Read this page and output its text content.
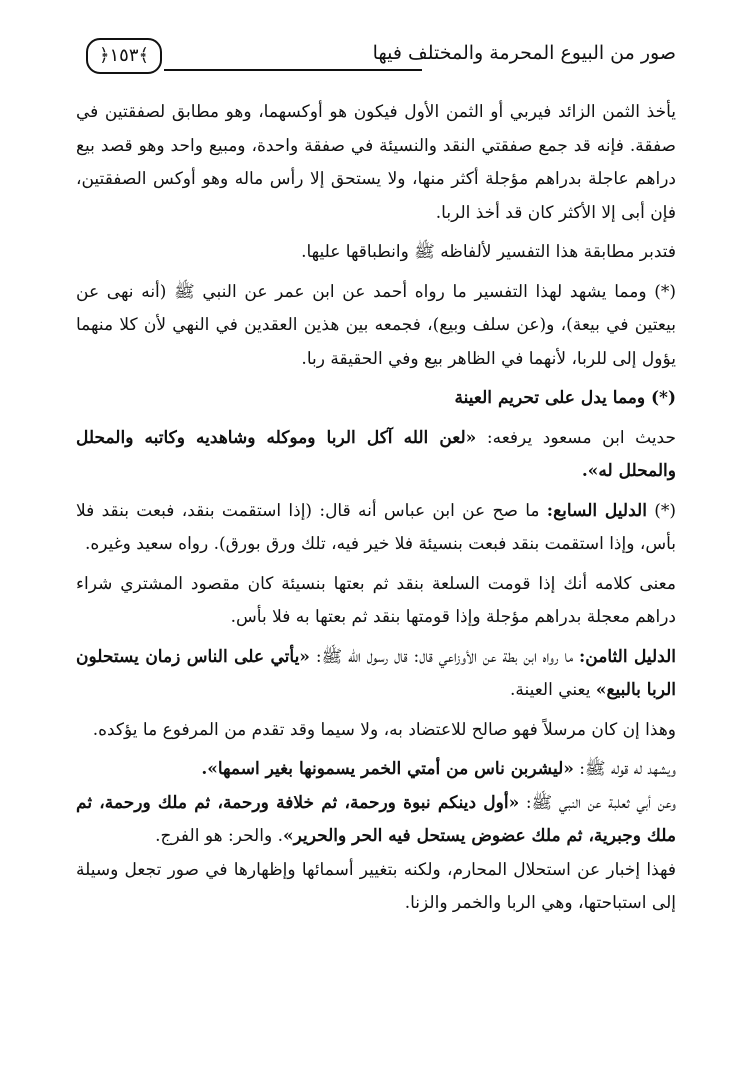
صور من البيوع المحرمة والمختلف فيها
﴿١٥٣﴾

يأخذ الثمن الزائد فيربي أو الثمن الأول فيكون هو أوكسهما، وهو مطابق لصفقتين في صفقة. فإنه قد جمع صفقتي النقد والنسيئة في صفقة واحدة، ومبيع واحد وهو قصد بيع دراهم عاجلة بدراهم مؤجلة أكثر منها، ولا يستحق إلا رأس ماله وهو أوكس الصفقتين، فإن أبى إلا الأكثر كان قد أخذ الربا.

فتدبر مطابقة هذا التفسير لألفاظه ﷺ وانطباقها عليها.

(*) ومما يشهد لهذا التفسير ما رواه أحمد عن ابن عمر عن النبي ﷺ (أنه نهى عن بيعتين في بيعة)، و(عن سلف وبيع)، فجمعه بين هذين العقدين في النهي لأن كلا منهما يؤول إلى للربا، لأنهما في الظاهر بيع وفي الحقيقة ربا.

(*) ومما يدل على تحريم العينة

حديث ابن مسعود يرفعه: «لعن الله آكل الربا وموكله وشاهديه وكاتبه والمحلل والمحلل له».

(*) الدليل السابع: ما صح عن ابن عباس أنه قال: (إذا استقمت بنقد، فبعت بنقد فلا بأس، وإذا استقمت بنقد فبعت بنسيئة فلا خير فيه، تلك ورق بورق). رواه سعيد وغيره.

معنى كلامه أنك إذا قومت السلعة بنقد ثم بعتها بنسيئة كان مقصود المشتري شراء دراهم معجلة بدراهم مؤجلة وإذا قومتها بنقد ثم بعتها به فلا بأس.

الدليل الثامن: ما رواه ابن بطة عن الأوزاعي قال: قال رسول الله ﷺ: «يأتي على الناس زمان يستحلون الربا بالبيع» يعني العينة.

وهذا إن كان مرسلاً فهو صالح للاعتضاد به، ولا سيما وقد تقدم من المرفوع ما يؤكده.

ويشهد له قوله ﷺ: «ليشربن ناس من أمتي الخمر يسمونها بغير اسمها».

وعن أبي ثعلبة عن النبي ﷺ: «أول دينكم نبوة ورحمة، ثم خلافة ورحمة، ثم ملك ورحمة، ثم ملك وجبرية، ثم ملك عضوض يستحل فيه الحر والحرير». والحر: هو الفرج.

فهذا إخبار عن استحلال المحارم، ولكنه بتغيير أسمائها وإظهارها في صور تجعل وسيلة إلى استباحتها، وهي الربا والخمر والزنا.
